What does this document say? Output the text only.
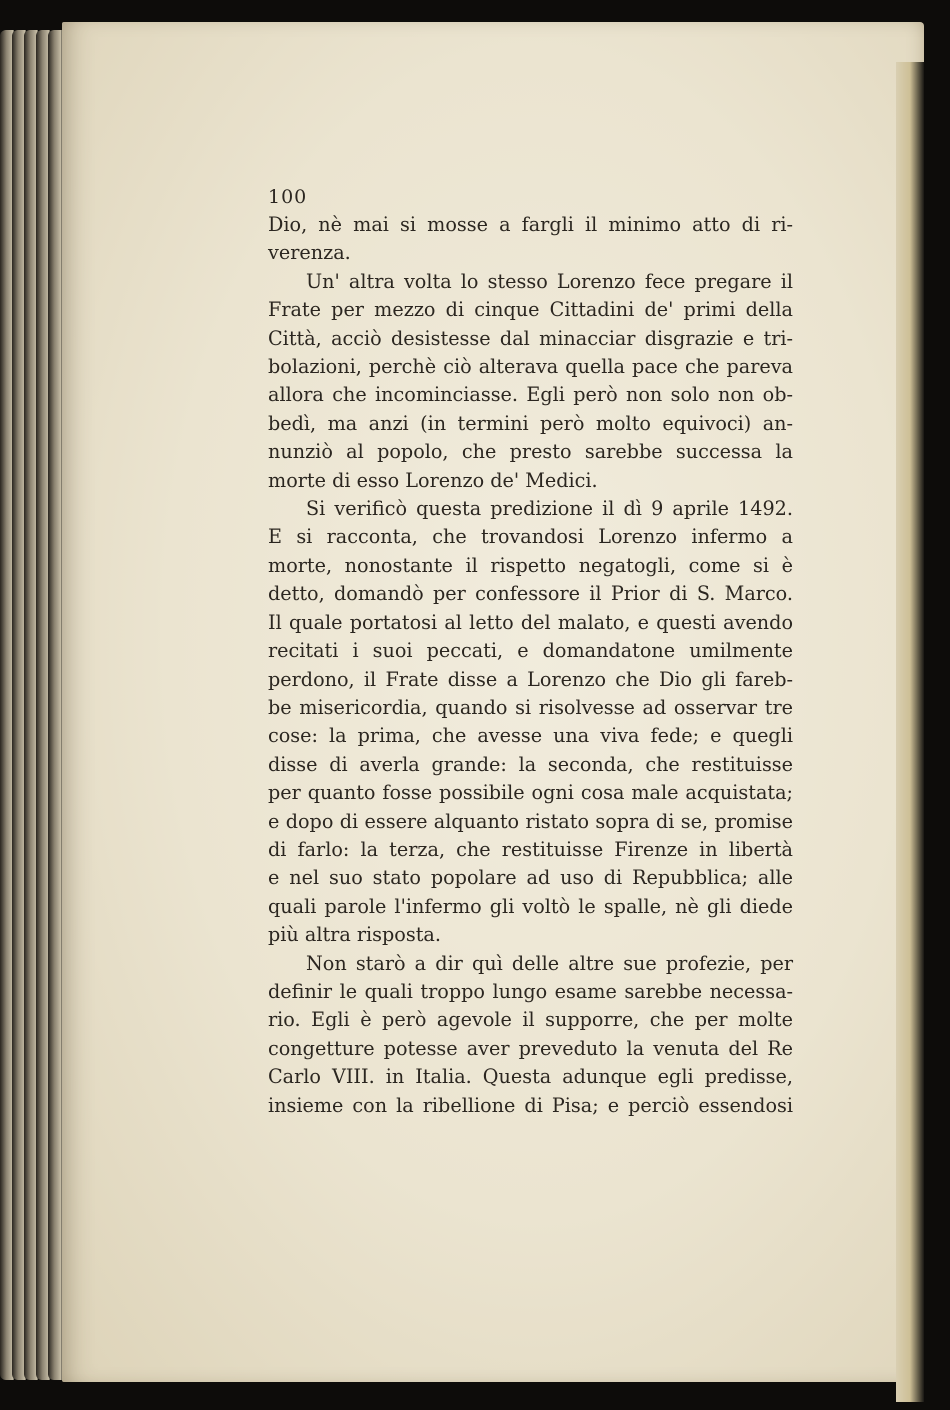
100
Dio, nè mai si mosse a fargli il minimo atto di ri-
verenza.
Un' altra volta lo stesso Lorenzo fece pregare il
Frate per mezzo di cinque Cittadini de' primi della
Città, acciò desistesse dal minacciar disgrazie e tri-
bolazioni, perchè ciò alterava quella pace che pareva
allora che incominciasse. Egli però non solo non ob-
bedì, ma anzi (in termini però molto equivoci) an-
nunziò al popolo, che presto sarebbe successa la
morte di esso Lorenzo de' Medici.
Si verificò questa predizione il dì 9 aprile 1492.
E si racconta, che trovandosi Lorenzo infermo a
morte, nonostante il rispetto negatogli, come si è
detto, domandò per confessore il Prior di S. Marco.
Il quale portatosi al letto del malato, e questi avendo
recitati i suoi peccati, e domandatone umilmente
perdono, il Frate disse a Lorenzo che Dio gli fareb-
be misericordia, quando si risolvesse ad osservar tre
cose: la prima, che avesse una viva fede; e quegli
disse di averla grande: la seconda, che restituisse
per quanto fosse possibile ogni cosa male acquistata;
e dopo di essere alquanto ristato sopra di se, promise
di farlo: la terza, che restituisse Firenze in libertà
e nel suo stato popolare ad uso di Repubblica; alle
quali parole l'infermo gli voltò le spalle, nè gli diede
più altra risposta.
Non starò a dir quì delle altre sue profezie, per
definir le quali troppo lungo esame sarebbe necessa-
rio. Egli è però agevole il supporre, che per molte
congetture potesse aver preveduto la venuta del Re
Carlo VIII. in Italia. Questa adunque egli predisse,
insieme con la ribellione di Pisa; e perciò essendosi
